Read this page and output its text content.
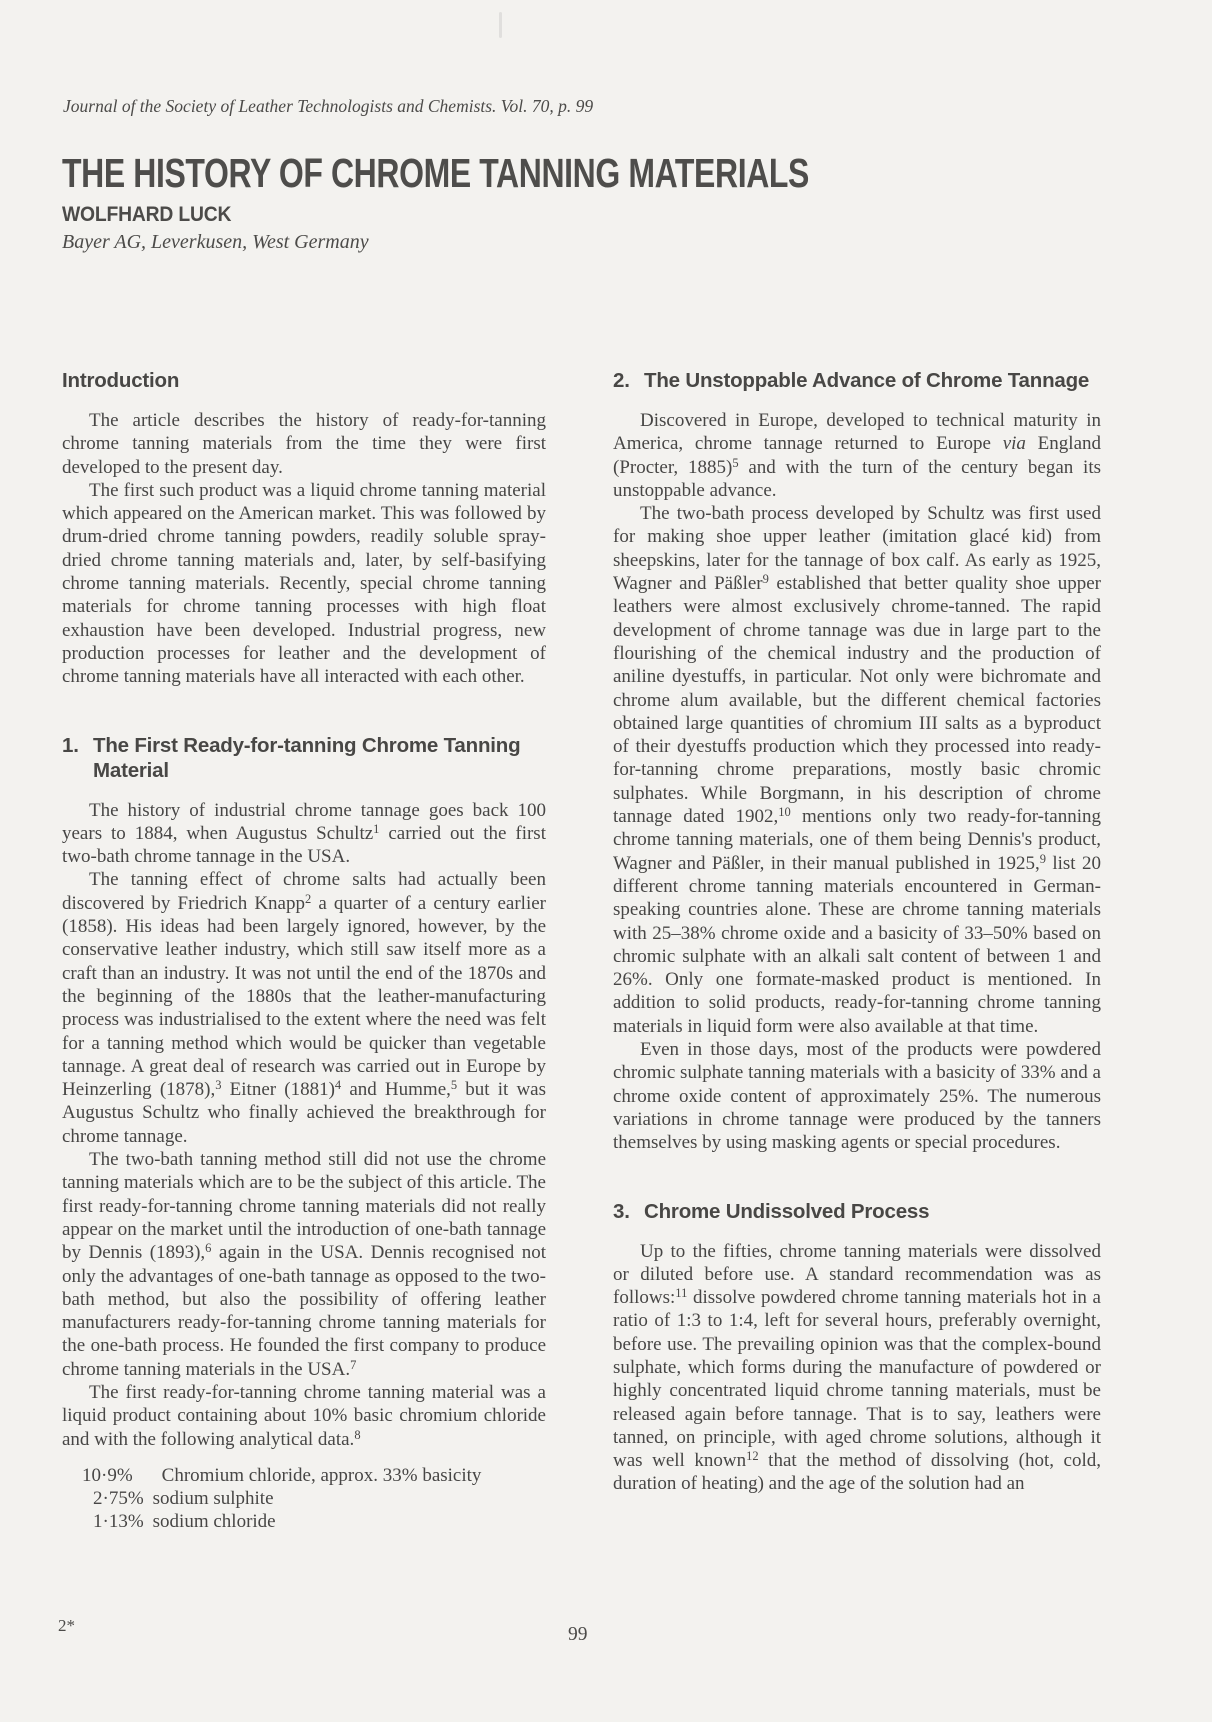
Journal of the Society of Leather Technologists and Chemists. Vol. 70, p. 99
THE HISTORY OF CHROME TANNING MATERIALS
WOLFHARD LUCK
Bayer AG, Leverkusen, West Germany
Introduction

The article describes the history of ready-for-tanning chrome tanning materials from the time they were first developed to the present day.

The first such product was a liquid chrome tanning material which appeared on the American market. This was followed by drum-dried chrome tanning powders, readily soluble spray-dried chrome tanning materials and, later, by self-basifying chrome tanning materials. Recently, special chrome tanning materials for chrome tanning processes with high float exhaustion have been developed. Industrial progress, new production processes for leather and the development of chrome tanning materials have all interacted with each other.

1. The First Ready-for-tanning Chrome Tanning Material

The history of industrial chrome tannage goes back 100 years to 1884, when Augustus Schultz$^1$ carried out the first two-bath chrome tannage in the USA.

The tanning effect of chrome salts had actually been discovered by Friedrich Knapp$^2$ a quarter of a century earlier (1858). His ideas had been largely ignored, however, by the conservative leather industry, which still saw itself more as a craft than an industry. It was not until the end of the 1870s and the beginning of the 1880s that the leather-manufacturing process was industrialised to the extent where the need was felt for a tanning method which would be quicker than vegetable tannage. A great deal of research was carried out in Europe by Heinzerling (1878),$^3$ Eitner $(1881)^4$ and Humme,$^5$ but it was Augustus Schultz who finally achieved the breakthrough for chrome tannage.

The two-bath tanning method still did not use the chrome tanning materials which are to be the subject of this article. The first ready-for-tanning chrome tanning materials did not really appear on the market until the introduction of one-bath tannage by Dennis (1893),$^6$ again in the USA. Dennis recognised not only the advantages of one-bath tannage as opposed to the two-bath method, but also the possibility of offering leather manufacturers ready-for-tanning chrome tanning materials for the one-bath process. He founded the first company to produce chrome tanning materials in the USA.$^7$

The first ready-for-tanning chrome tanning material was a liquid product containing about 10% basic chromium chloride and with the following analytical data.$^8$

10·9% Chromium chloride, approx. 33% basicity
2·75% sodium sulphite
1·13% sodium chloride
2. The Unstoppable Advance of Chrome Tannage

Discovered in Europe, developed to technical maturity in America, chrome tannage returned to Europe via England (Procter, 1885)$^5$ and with the turn of the century began its unstoppable advance.

The two-bath process developed by Schultz was first used for making shoe upper leather (imitation glacé kid) from sheepskins, later for the tannage of box calf. As early as 1925, Wagner and Päßler$^9$ established that better quality shoe upper leathers were almost exclusively chrome-tanned. The rapid development of chrome tannage was due in large part to the flourishing of the chemical industry and the production of aniline dyestuffs, in particular. Not only were bichromate and chrome alum available, but the different chemical factories obtained large quantities of chromium III salts as a byproduct of their dyestuffs production which they processed into ready-for-tanning chrome preparations, mostly basic chromic sulphates. While Borgmann, in his description of chrome tannage dated 1902,10 mentions only two ready-for-tanning chrome tanning materials, one of them being Dennis's product, Wagner and Päßler, in their manual published in 1925,$^9$ list 20 different chrome tanning materials encountered in German-speaking countries alone. These are chrome tanning materials with 25–38% chrome oxide and a basicity of 33–50% based on chromic sulphate with an alkali salt content of between 1 and 26%. Only one formate-masked product is mentioned. In addition to solid products, ready-for-tanning chrome tanning materials in liquid form were also available at that time.

Even in those days, most of the products were powdered chromic sulphate tanning materials with a basicity of 33% and a chrome oxide content of approximately 25%. The numerous variations in chrome tannage were produced by the tanners themselves by using masking agents or special procedures.

3. Chrome Undissolved Process

Up to the fifties, chrome tanning materials were dissolved or diluted before use. A standard recommendation was as follows:$^{11}$ dissolve powdered chrome tanning materials hot in a ratio of 1:3 to 1:4, left for several hours, preferably overnight, before use. The prevailing opinion was that the complex-bound sulphate, which forms during the manufacture of powdered or highly concentrated liquid chrome tanning materials, must be released again before tannage. That is to say, leathers were tanned, on principle, with aged chrome solutions, although it was well known$^{12}$ that the method of dissolving (hot, cold, duration of heating) and the age of the solution had an

2*	99
